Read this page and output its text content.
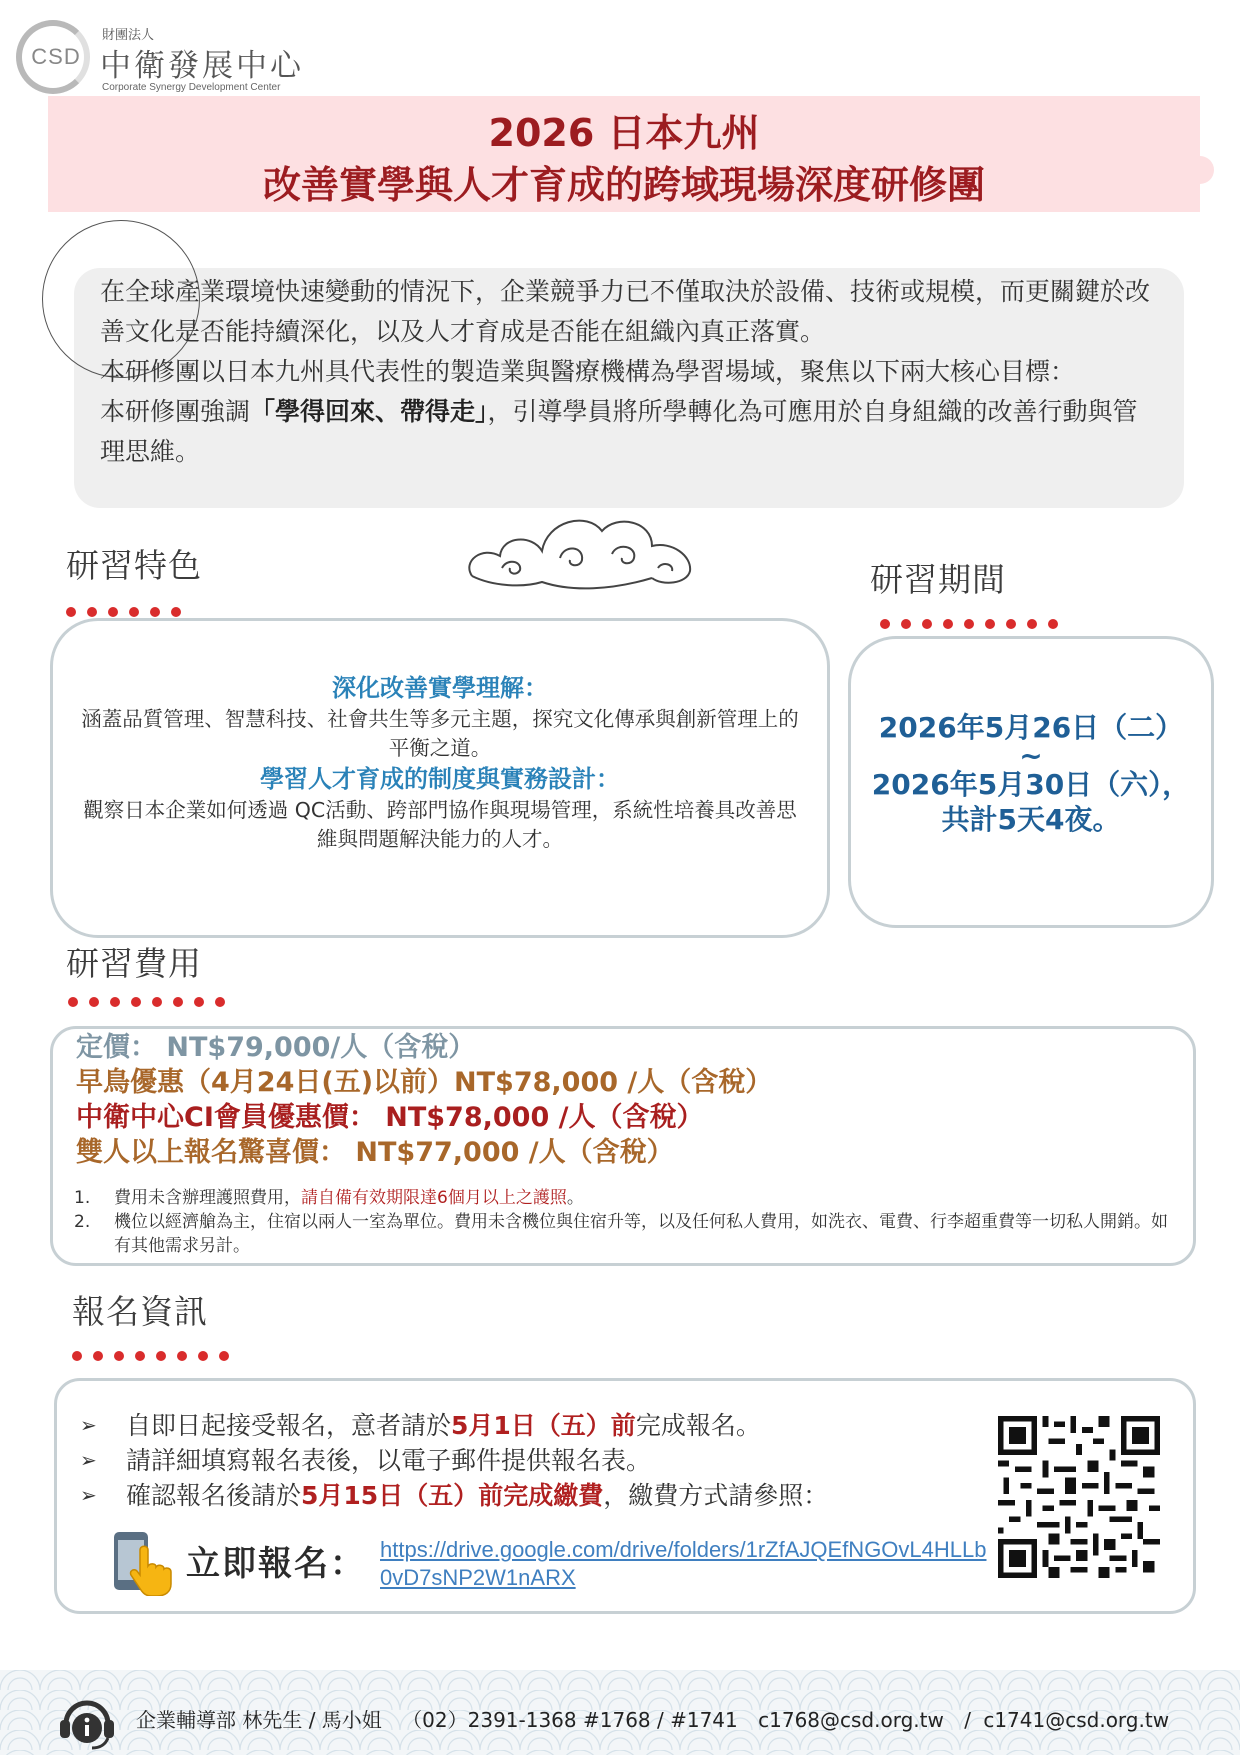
CSD
財團法人
中衛發展中心
Corporate Synergy Development Center
2026 日本九州
改善實學與人才育成的跨域現場深度研修團
在全球產業環境快速變動的情況下，企業競爭力已不僅取決於設備、技術或規模，而更關鍵於改善文化是否能持續深化，以及人才育成是否能在組織內真正落實。
本研修團以日本九州具代表性的製造業與醫療機構為學習場域，聚焦以下兩大核心目標：
本研修團強調「學得回來、帶得走」，引導學員將所學轉化為可應用於自身組織的改善行動與管理思維。
研習特色
深化改善實學理解：
涵蓋品質管理、智慧科技、社會共生等多元主題，探究文化傳承與創新管理上的平衡之道。
學習人才育成的制度與實務設計：
觀察日本企業如何透過 QC活動、跨部門協作與現場管理，系統性培養具改善思維與問題解決能力的人才。
研習期間
2026年5月26日（二）
~
2026年5月30日（六），
共計5天4夜。
研習費用
定價： NT$79,000/人（含稅）
早鳥優惠（4月24日(五)以前）NT$78,000 /人（含稅）
中衛中心CI會員優惠價： NT$78,000 /人（含稅）
雙人以上報名驚喜價： NT$77,000 /人（含稅）
1.	費用未含辦理護照費用，請自備有效期限達6個月以上之護照。
2.	機位以經濟艙為主，住宿以兩人一室為單位。費用未含機位與住宿升等，以及任何私人費用，如洗衣、電費、行李超重費等一切私人開銷。如有其他需求另計。
報名資訊
➢	自即日起接受報名，意者請於5月1日（五）前完成報名。
➢	請詳細填寫報名表後，以電子郵件提供報名表。
➢	確認報名後請於5月15日（五）前完成繳費，繳費方式請參照：
立即報名： https://drive.google.com/drive/folders/1rZfAJQEfNGOvL4HLLb0vD7sNP2W1nARX
企業輔導部 林先生 / 馬小姐 （02）2391-1368 #1768 / #1741 c1768@csd.org.tw / c1741@csd.org.tw
